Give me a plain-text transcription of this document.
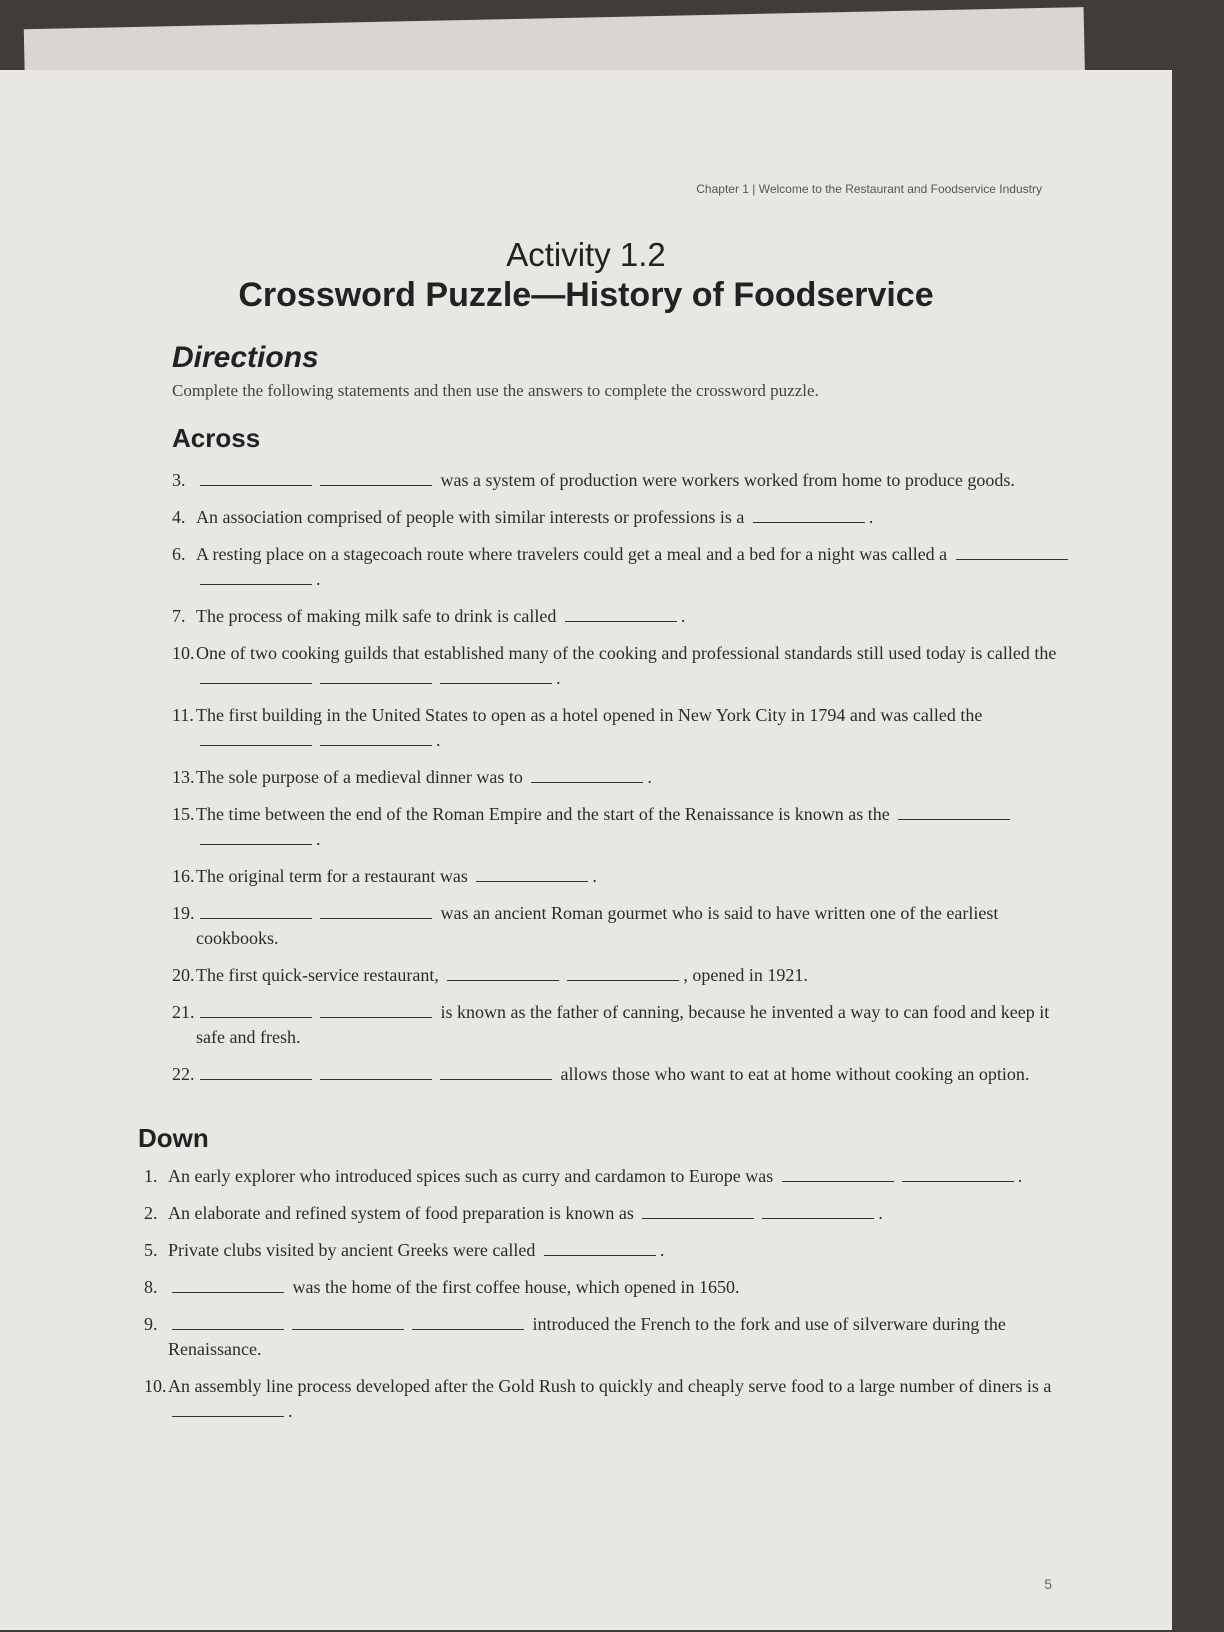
Chapter 1 | Welcome to the Restaurant and Foodservice Industry
Activity 1.2
Crossword Puzzle—History of Foodservice
Directions
Complete the following statements and then use the answers to complete the crossword puzzle.
Across
3.	was a system of production were workers worked from home to produce goods.
4. An association comprised of people with similar interests or professions is a	.
6. A resting place on a stagecoach route where travelers could get a meal and a bed for a night was called a .
7. The process of making milk safe to drink is called	.
10. One of two cooking guilds that established many of the cooking and professional standards still used today is called the .
11. The first building in the United States to open as a hotel opened in New York City in 1794 and was called the .
13. The sole purpose of a medieval dinner was to	.
15. The time between the end of the Roman Empire and the start of the Renaissance is known as the .
16. The original term for a restaurant was	.
19.	was an ancient Roman gourmet who is said to have written one of the earliest cookbooks.
20. The first quick-service restaurant,	, opened in 1921.
21.	is known as the father of canning, because he invented a way to can food and keep it safe and fresh.
22.	allows those who want to eat at home without cooking an option.
Down
1. An early explorer who introduced spices such as curry and cardamon to Europe was	.
2. An elaborate and refined system of food preparation is known as	.
5. Private clubs visited by ancient Greeks were called	.
8.	was the home of the first coffee house, which opened in 1650.
9.	introduced the French to the fork and use of silverware during the Renaissance.
10. An assembly line process developed after the Gold Rush to quickly and cheaply serve food to a large number of diners is a .
5
